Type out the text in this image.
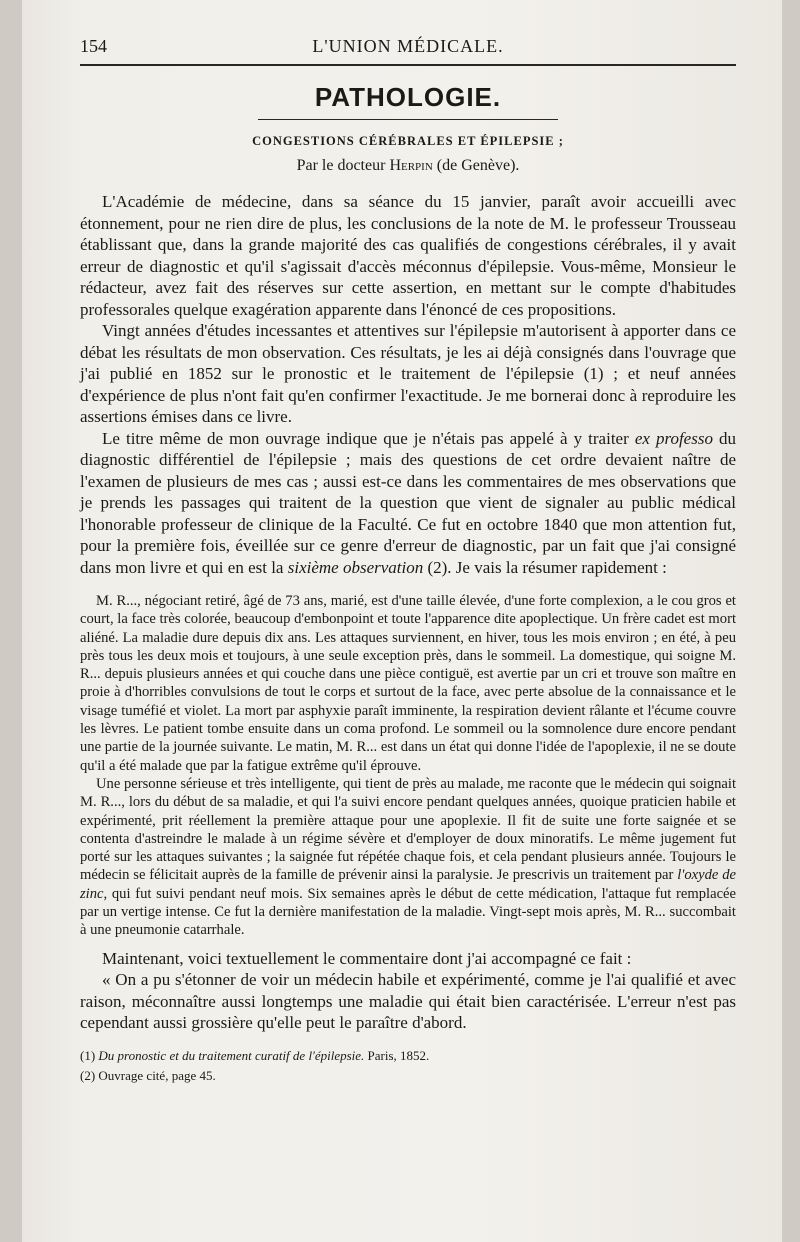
154	L'UNION MÉDICALE.
PATHOLOGIE.
CONGESTIONS CÉRÉBRALES ET ÉPILEPSIE ;
Par le docteur Herpin (de Genève).

L'Académie de médecine, dans sa séance du 15 janvier, paraît avoir accueilli avec étonnement, pour ne rien dire de plus, les conclusions de la note de M. le professeur Trousseau établissant que, dans la grande majorité des cas qualifiés de congestions cérébrales, il y avait erreur de diagnostic et qu'il s'agissait d'accès méconnus d'épilepsie. Vous-même, Monsieur le rédacteur, avez fait des réserves sur cette assertion, en mettant sur le compte d'habitudes professorales quelque exagération apparente dans l'énoncé de ces propositions.

Vingt années d'études incessantes et attentives sur l'épilepsie m'autorisent à apporter dans ce débat les résultats de mon observation. Ces résultats, je les ai déjà consignés dans l'ouvrage que j'ai publié en 1852 sur le pronostic et le traitement de l'épilepsie (1) ; et neuf années d'expérience de plus n'ont fait qu'en confirmer l'exactitude. Je me bornerai donc à reproduire les assertions émises dans ce livre.

Le titre même de mon ouvrage indique que je n'étais pas appelé à y traiter ex professo du diagnostic différentiel de l'épilepsie ; mais des questions de cet ordre devaient naître de l'examen de plusieurs de mes cas ; aussi est-ce dans les commentaires de mes observations que je prends les passages qui traitent de la question que vient de signaler au public médical l'honorable professeur de clinique de la Faculté. Ce fut en octobre 1840 que mon attention fut, pour la première fois, éveillée sur ce genre d'erreur de diagnostic, par un fait que j'ai consigné dans mon livre et qui en est la sixième observation (2). Je vais la résumer rapidement :

M. R..., négociant retiré, âgé de 73 ans, marié, est d'une taille élevée, d'une forte complexion, a le cou gros et court, la face très colorée, beaucoup d'embonpoint et toute l'apparence dite apoplectique. Un frère cadet est mort aliéné. La maladie dure depuis dix ans. Les attaques surviennent, en hiver, tous les mois environ ; en été, à peu près tous les deux mois et toujours, à une seule exception près, dans le sommeil. La domestique, qui soigne M. R... depuis plusieurs années et qui couche dans une pièce contiguë, est avertie par un cri et trouve son maître en proie à d'horribles convulsions de tout le corps et surtout de la face, avec perte absolue de la connaissance et le visage tuméfié et violet. La mort par asphyxie paraît imminente, la respiration devient râlante et l'écume couvre les lèvres. Le patient tombe ensuite dans un coma profond. Le sommeil ou la somnolence dure encore pendant une partie de la journée suivante. Le matin, M. R... est dans un état qui donne l'idée de l'apoplexie, il ne se doute qu'il a été malade que par la fatigue extrême qu'il éprouve.

Une personne sérieuse et très intelligente, qui tient de près au malade, me raconte que le médecin qui soignait M. R..., lors du début de sa maladie, et qui l'a suivi encore pendant quelques années, quoique praticien habile et expérimenté, prit réellement la première attaque pour une apoplexie. Il fit de suite une forte saignée et se contenta d'astreindre le malade à un régime sévère et d'employer de doux minoratifs. Le même jugement fut porté sur les attaques suivantes ; la saignée fut répétée chaque fois, et cela pendant plusieurs année. Toujours le médecin se félicitait auprès de la famille de prévenir ainsi la paralysie. Je prescrivis un traitement par l'oxyde de zinc, qui fut suivi pendant neuf mois. Six semaines après le début de cette médication, l'attaque fut remplacée par un vertige intense. Ce fut la dernière manifestation de la maladie. Vingt-sept mois après, M. R... succombait à une pneumonie catarrhale.

Maintenant, voici textuellement le commentaire dont j'ai accompagné ce fait :

« On a pu s'étonner de voir un médecin habile et expérimenté, comme je l'ai qualifié et avec raison, méconnaître aussi longtemps une maladie qui était bien caractérisée. L'erreur n'est pas cependant aussi grossière qu'elle peut le paraître d'abord.

(1) Du pronostic et du traitement curatif de l'épilepsie. Paris, 1852.
(2) Ouvrage cité, page 45.
